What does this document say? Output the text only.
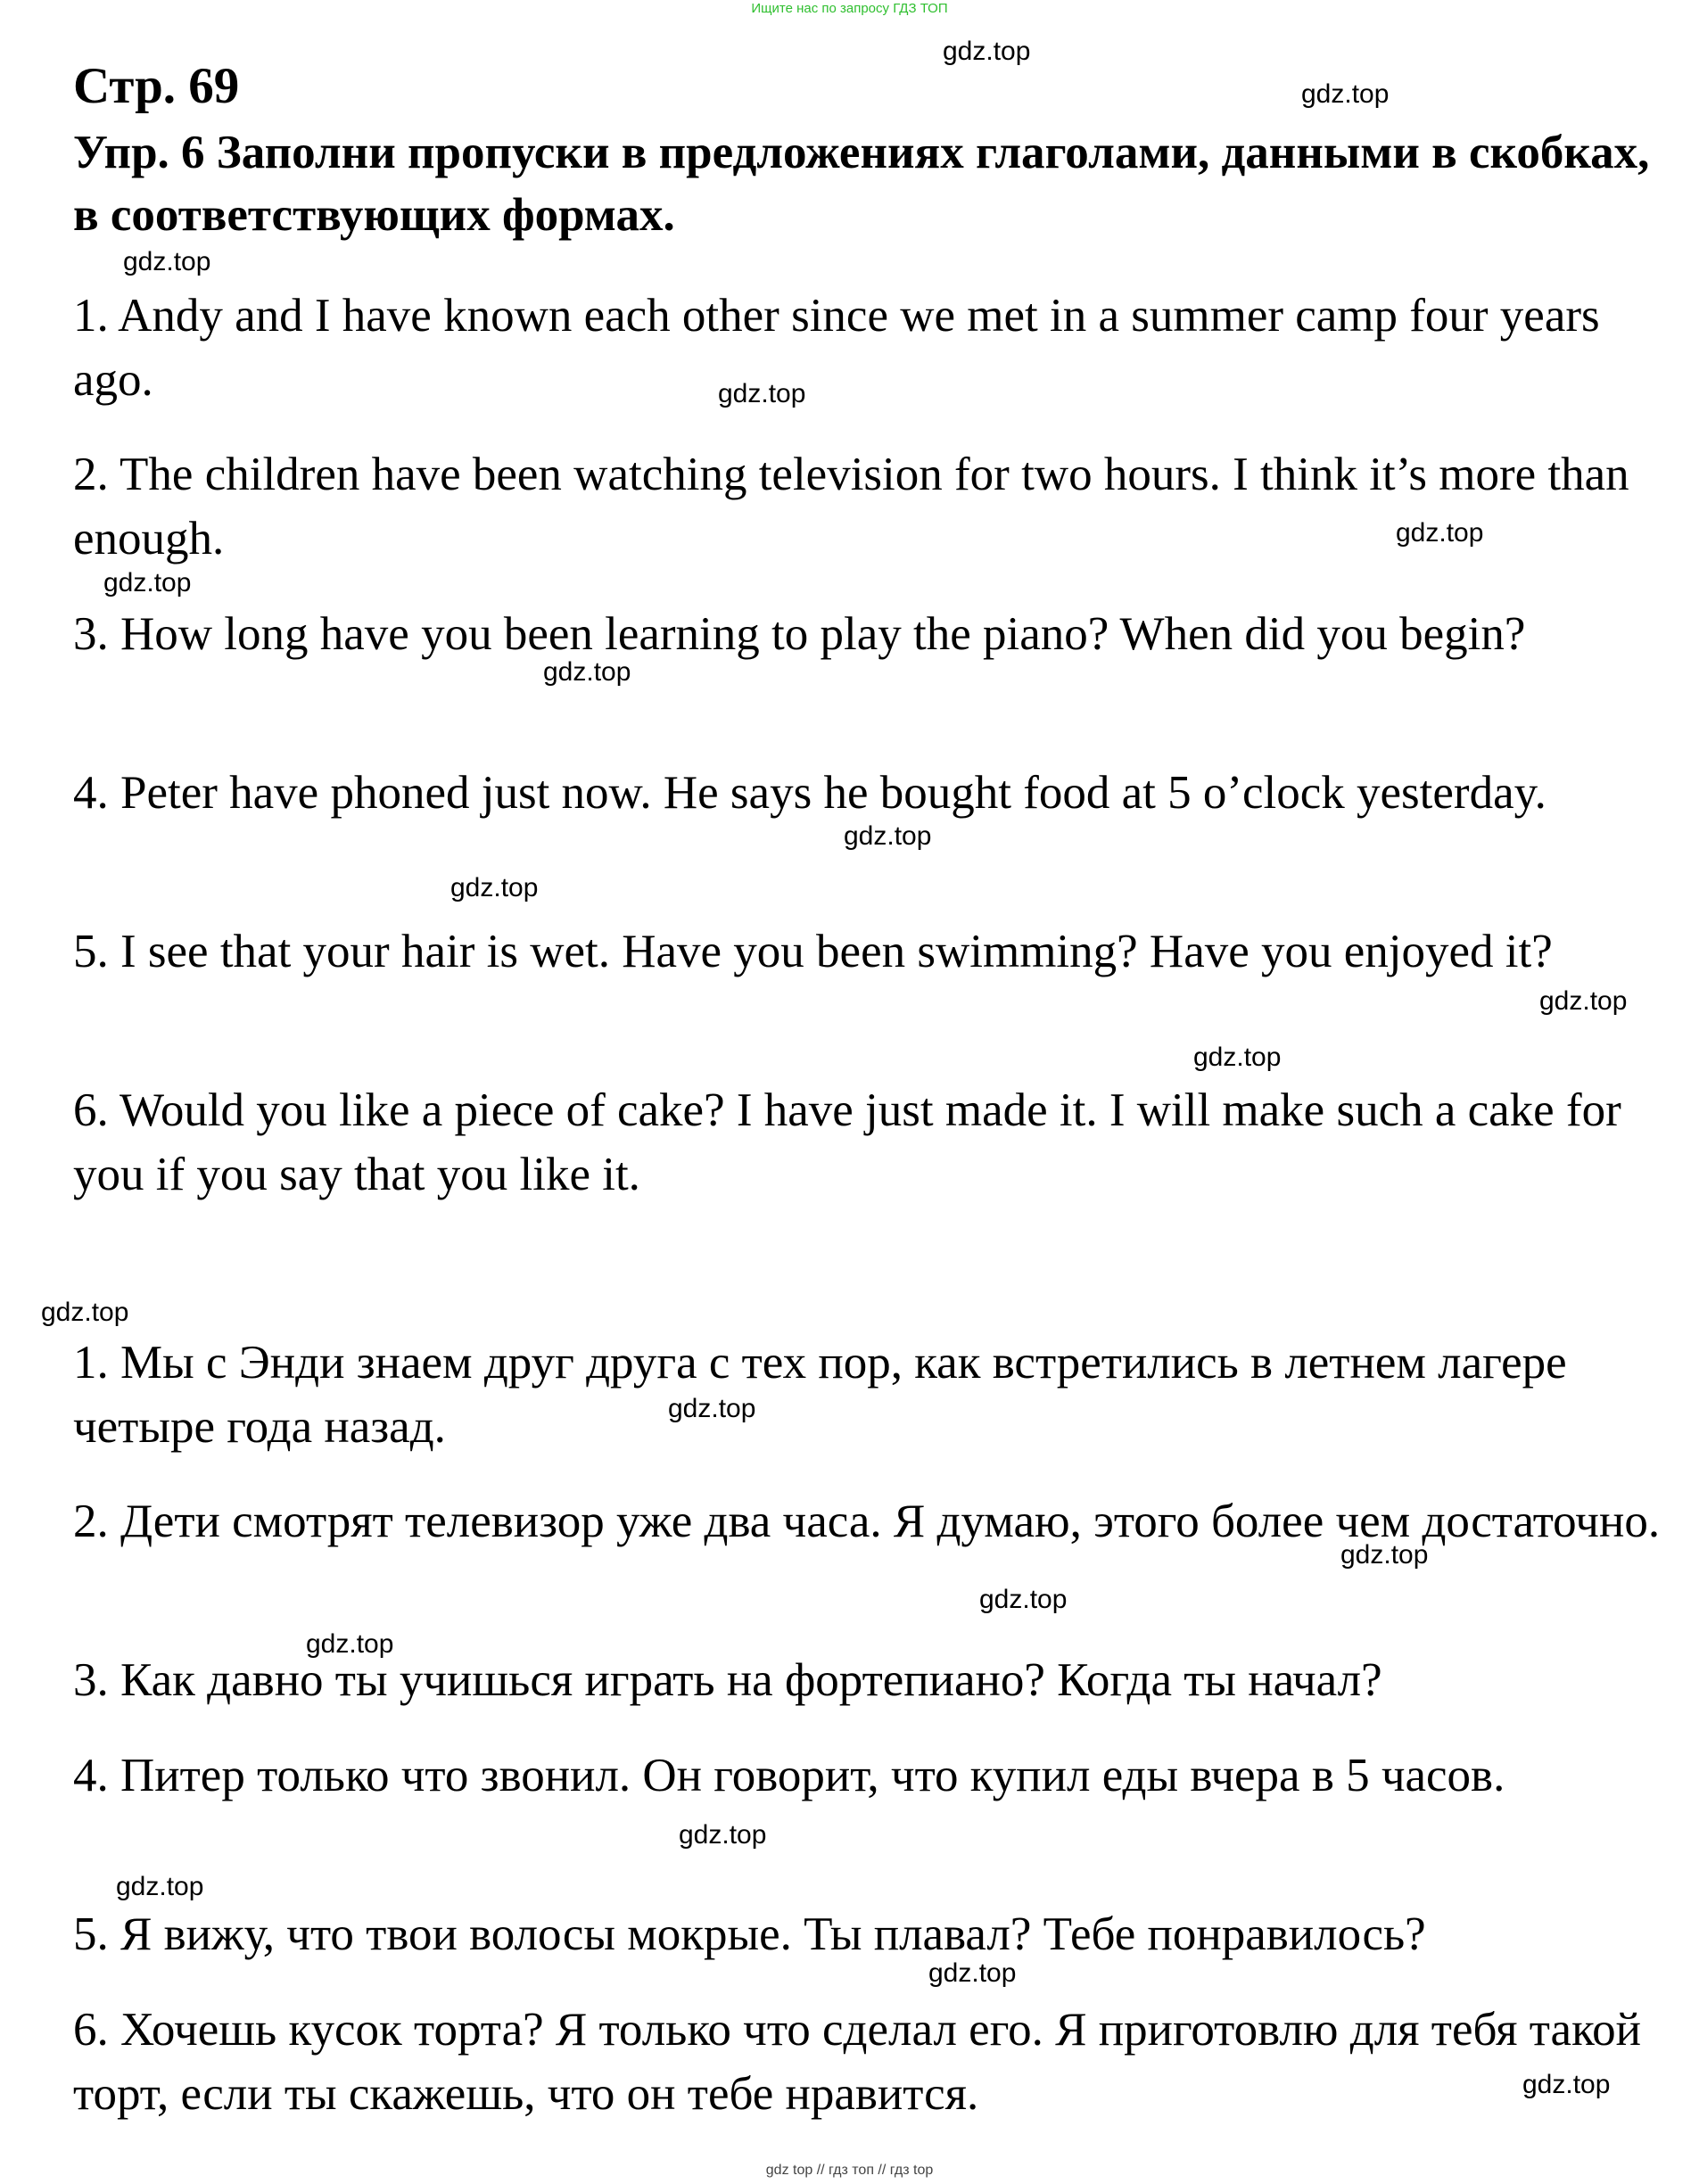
Ищите нас по запросу ГДЗ ТОП
Стр. 69
Упр. 6 Заполни пропуски в предложениях глаголами, данными в скобках, в соответствующих формах.

1. Andy and I have known each other since we met in a summer camp four years ago.

2. The children have been watching television for two hours. I think it’s more than enough.

3. How long have you been learning to play the piano? When did you begin?

4. Peter have phoned just now. He says he bought food at 5 o’clock yesterday.

5. I see that your hair is wet. Have you been swimming? Have you enjoyed it?

6. Would you like a piece of cake? I have just made it. I will make such a cake for you if you say that you like it.

1. Мы с Энди знаем друг друга с тех пор, как встретились в летнем лагере четыре года назад.

2. Дети смотрят телевизор уже два часа. Я думаю, этого более чем достаточно.

3. Как давно ты учишься играть на фортепиано? Когда ты начал?

4. Питер только что звонил. Он говорит, что купил еды вчера в 5 часов.

5. Я вижу, что твои волосы мокрые. Ты плавал? Тебе понравилось?

6. Хочешь кусок торта? Я только что сделал его. Я приготовлю для тебя такой торт, если ты скажешь, что он тебе нравится.

gdz.top
gdz.top
gdz.top
gdz.top
gdz.top
gdz.top
gdz.top
gdz.top
gdz.top
gdz.top
gdz.top
gdz.top
gdz.top
gdz.top
gdz.top
gdz.top
gdz.top
gdz.top
gdz.top
gdz.top
gdz top // гдз топ // гдз top
